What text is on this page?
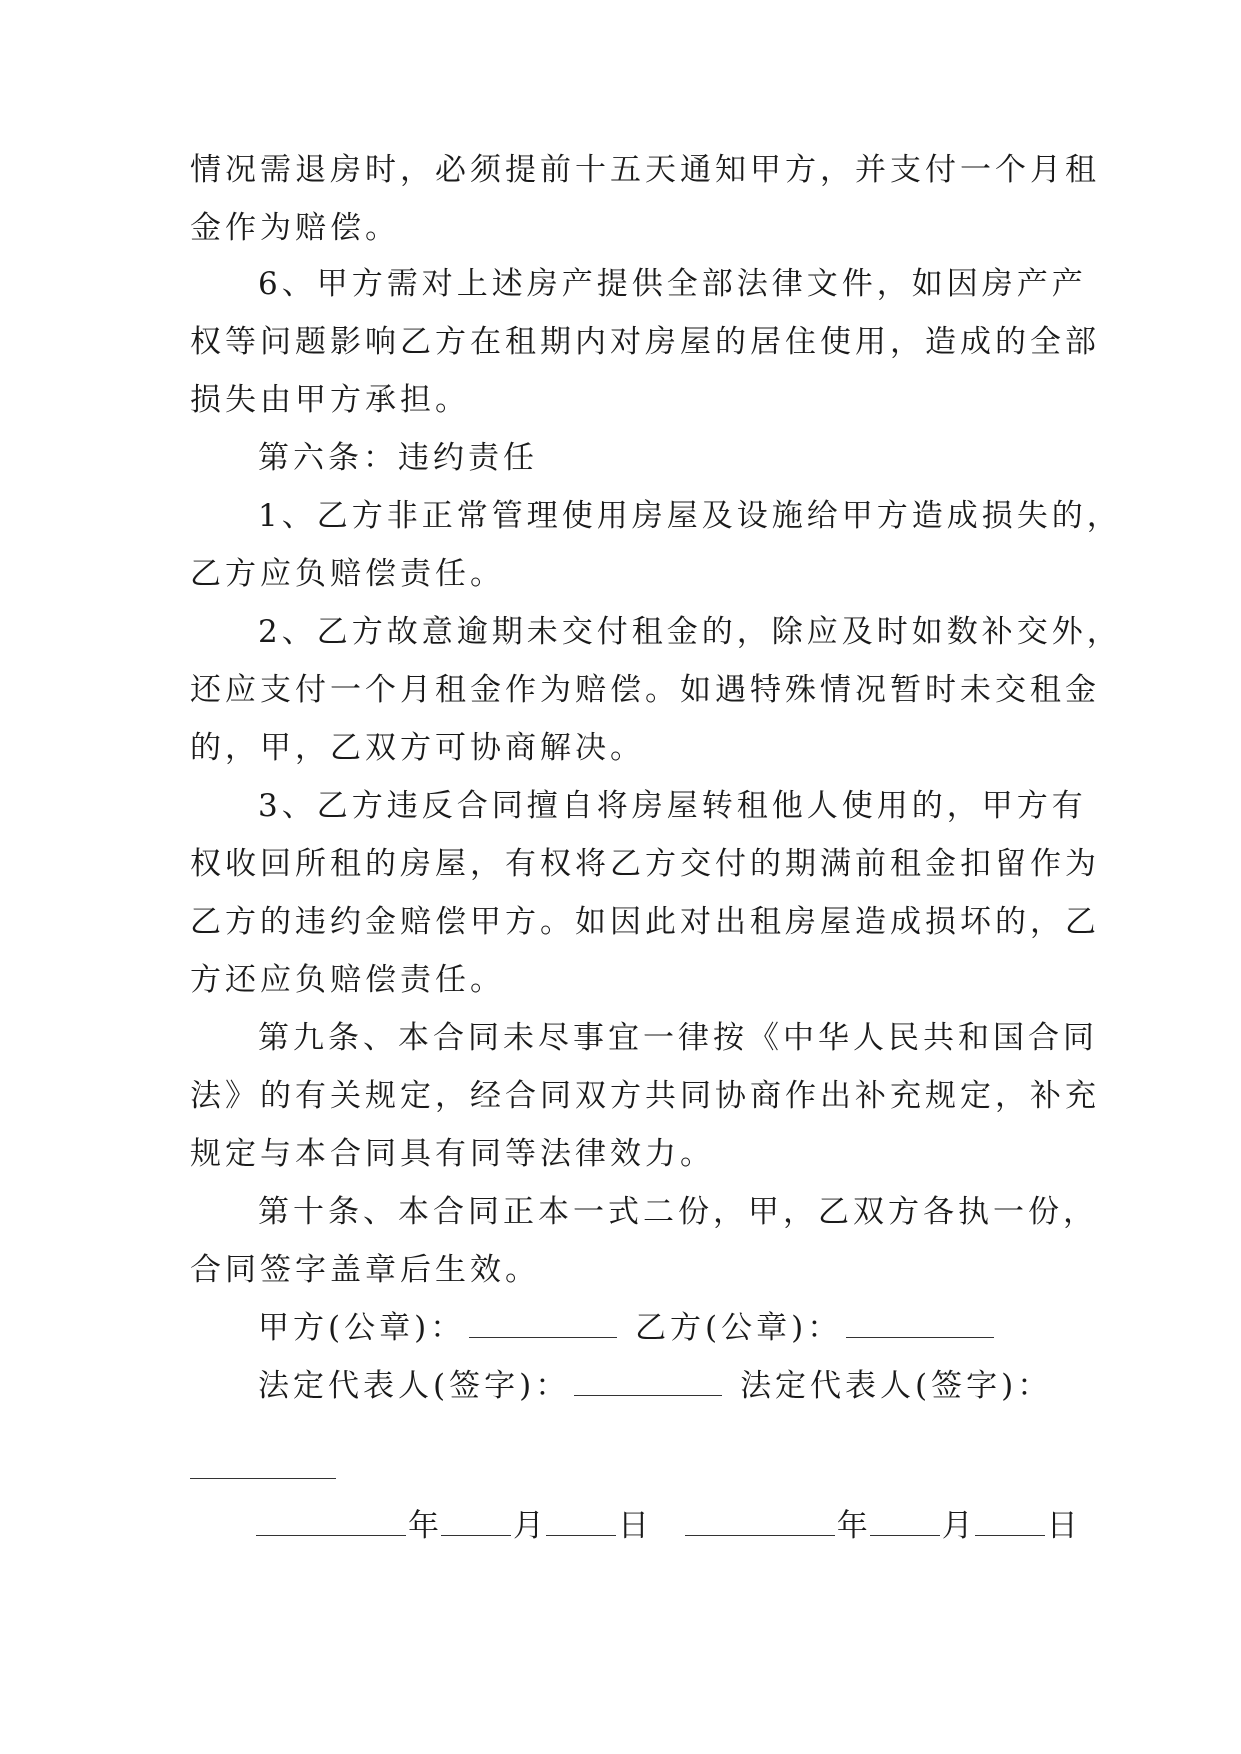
情况需退房时，必须提前十五天通知甲方，并支付一个月租
金作为赔偿。
6、甲方需对上述房产提供全部法律文件，如因房产产
权等问题影响乙方在租期内对房屋的居住使用，造成的全部
损失由甲方承担。
第六条：违约责任
1、乙方非正常管理使用房屋及设施给甲方造成损失的，
乙方应负赔偿责任。
2、乙方故意逾期未交付租金的，除应及时如数补交外，
还应支付一个月租金作为赔偿。如遇特殊情况暂时未交租金
的，甲，乙双方可协商解决。
3、乙方违反合同擅自将房屋转租他人使用的，甲方有
权收回所租的房屋，有权将乙方交付的期满前租金扣留作为
乙方的违约金赔偿甲方。如因此对出租房屋造成损坏的，乙
方还应负赔偿责任。
第九条、本合同未尽事宜一律按《中华人民共和国合同
法》的有关规定，经合同双方共同协商作出补充规定，补充
规定与本合同具有同等法律效力。
第十条、本合同正本一式二份，甲，乙双方各执一份，
合同签字盖章后生效。
甲方(公章)：	乙方(公章)：
法定代表人(签字)：	法定代表人(签字)：
年 月 日	年 月 日
